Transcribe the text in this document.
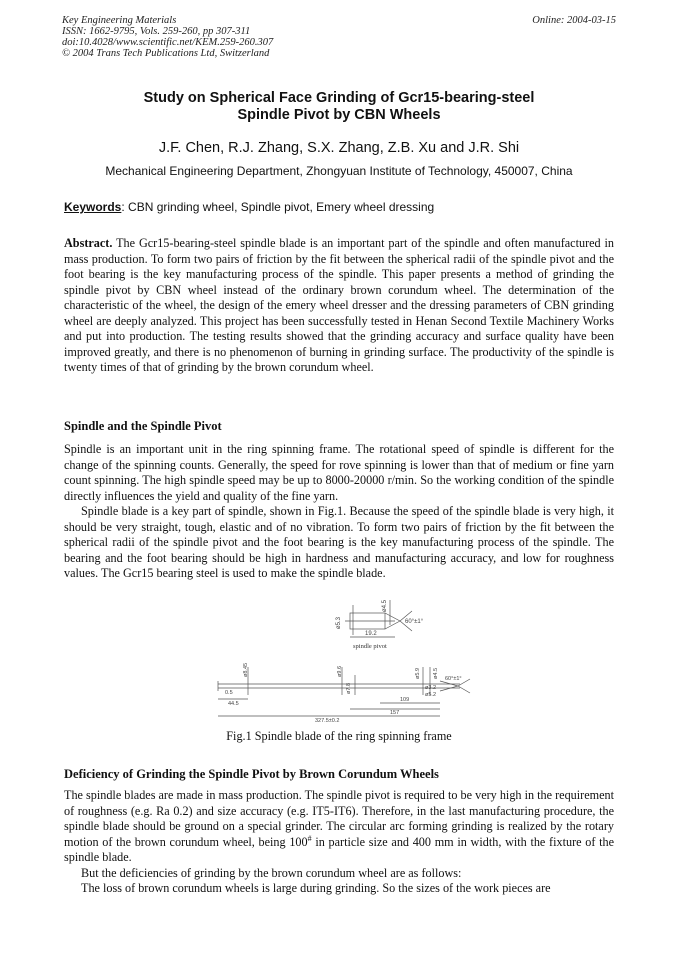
Key Engineering Materials
ISSN: 1662-9795, Vols. 259-260, pp 307-311
doi:10.4028/www.scientific.net/KEM.259-260.307
© 2004 Trans Tech Publications Ltd, Switzerland
Online: 2004-03-15
Study on Spherical Face Grinding of Gcr15-bearing-steel
Spindle Pivot by CBN Wheels
J.F. Chen, R.J. Zhang, S.X. Zhang, Z.B. Xu and J.R. Shi
Mechanical Engineering Department, Zhongyuan Institute of Technology, 450007, China
Keywords: CBN grinding wheel, Spindle pivot, Emery wheel dressing
Abstract. The Gcr15-bearing-steel spindle blade is an important part of the spindle and often manufactured in mass production. To form two pairs of friction by the fit between the spherical radii of the spindle pivot and the foot bearing is the key manufacturing process of the spindle. This paper presents a method of grinding the spindle pivot by CBN wheel instead of the ordinary brown corundum wheel. The determination of the characteristic of the wheel, the design of the emery wheel dresser and the dressing parameters of CBN grinding wheel are deeply analyzed. This project has been successfully tested in Henan Second Textile Machinery Works and put into production. The testing results showed that the grinding accuracy and surface quality have been improved greatly, and there is no phenomenon of burning in grinding surface. The productivity of the spindle is twenty times of that of grinding by the brown corundum wheel.
Spindle and the Spindle Pivot

Spindle is an important unit in the ring spinning frame. The rotational speed of spindle is different for the change of the spinning counts. Generally, the speed for rove spinning is lower than that of medium or fine yarn count spinning. The high spindle speed may be up to 8000-20000 r/min. So the working condition of the spindle directly influences the yield and quality of the fine yarn.

Spindle blade is a key part of spindle, shown in Fig.1. Because the speed of the spindle blade is very high, it should be very straight, tough, elastic and of no vibration. To form two pairs of friction by the fit between the spherical radii of the spindle pivot and the foot bearing is the key manufacturing process of the spindle. The bearing and the foot bearing should be high in hardness and manufacturing accuracy, and low for roughness values. The Gcr15 bearing steel is used to make the spindle blade.

ø5.3
ø4.5
19.2
60°±1°
spindle pivot
ø8.45
ø7.8
ø9.6	ø5.9 ø4.5
ø3.2
ø5.2
0.5
44.5
109
157
327.5±0.2
60°±1°
Fig.1 Spindle blade of the ring spinning frame
Deficiency of Grinding the Spindle Pivot by Brown Corundum Wheels

The spindle blades are made in mass production. The spindle pivot is required to be very high in the requirement of roughness (e.g. Ra 0.2) and size accuracy (e.g. IT5-IT6). Therefore, in the last manufacturing procedure, the spindle blade should be ground on a special grinder. The circular arc forming grinding is realized by the rotary motion of the brown corundum wheel, being 100# in particle size and 400 mm in width, with the fixture of the spindle blade.

But the deficiencies of grinding by the brown corundum wheel are as follows:

The loss of brown corundum wheels is large during grinding. So the sizes of the work pieces are
